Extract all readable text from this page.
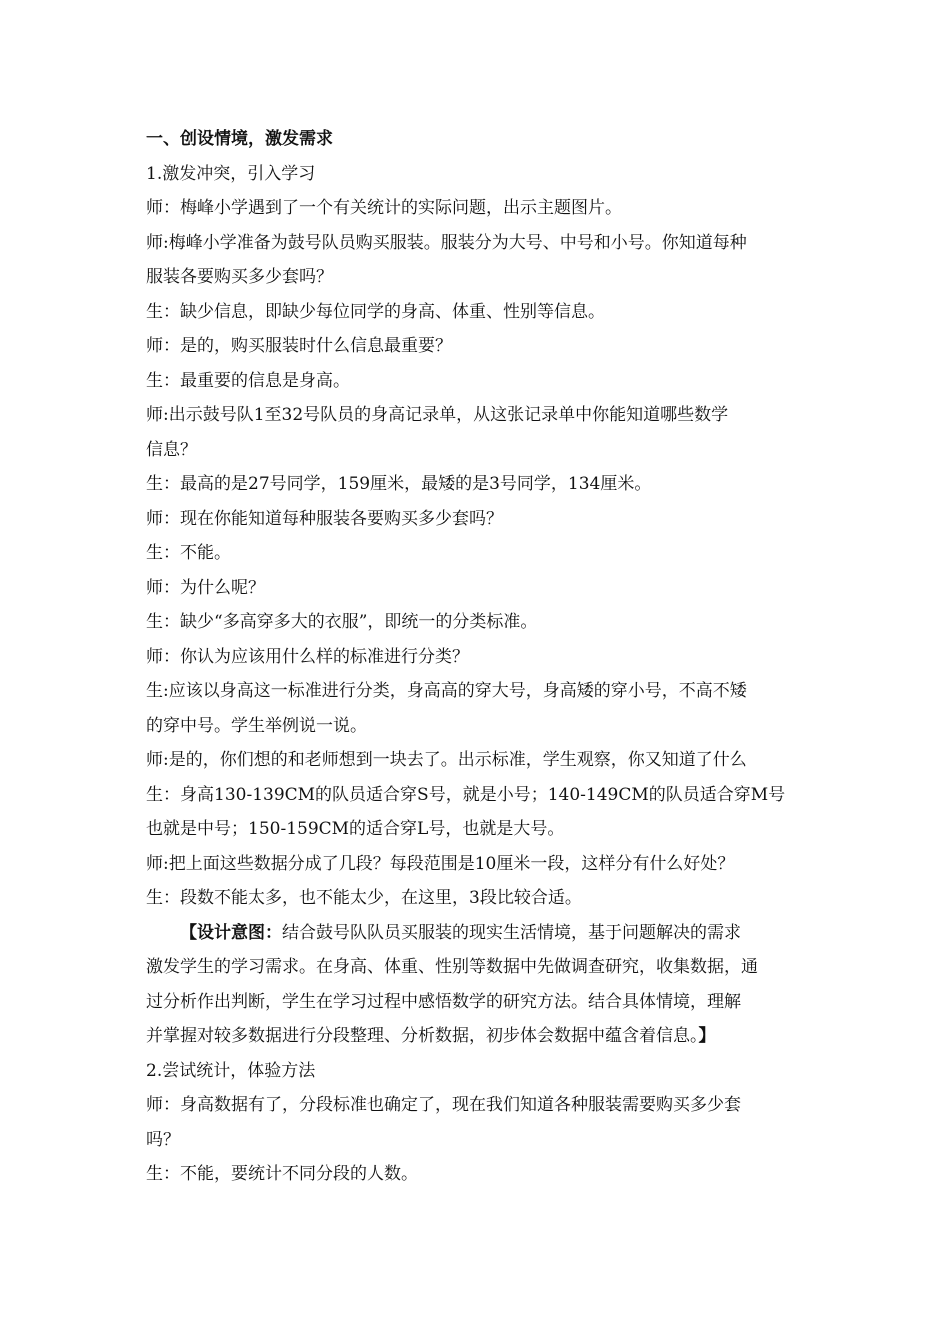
一、创设情境，激发需求
1.激发冲突，引入学习
师：梅峰小学遇到了一个有关统计的实际问题，出示主题图片。
师:梅峰小学准备为鼓号队员购买服装。服装分为大号、中号和小号。你知道每种
服装各要购买多少套吗？
生：缺少信息，即缺少每位同学的身高、体重、性别等信息。
师：是的，购买服装时什么信息最重要？
生：最重要的信息是身高。
师:出示鼓号队1至32号队员的身高记录单，从这张记录单中你能知道哪些数学
信息？
生：最高的是27号同学，159厘米，最矮的是3号同学，134厘米。
师：现在你能知道每种服装各要购买多少套吗？
生：不能。
师：为什么呢？
生：缺少“多高穿多大的衣服”，即统一的分类标准。
师：你认为应该用什么样的标准进行分类？
生:应该以身高这一标准进行分类，身高高的穿大号，身高矮的穿小号，不高不矮
的穿中号。学生举例说一说。
师:是的，你们想的和老师想到一块去了。出示标准，学生观察，你又知道了什么
生：身高130-139CM的队员适合穿S号，就是小号；140-149CM的队员适合穿M号
也就是中号；150-159CM的适合穿L号，也就是大号。
师:把上面这些数据分成了几段？每段范围是10厘米一段，这样分有什么好处？
生：段数不能太多，也不能太少，在这里，3段比较合适。
【设计意图：结合鼓号队队员买服装的现实生活情境，基于问题解决的需求
激发学生的学习需求。在身高、体重、性别等数据中先做调查研究，收集数据，通
过分析作出判断，学生在学习过程中感悟数学的研究方法。结合具体情境，理解
并掌握对较多数据进行分段整理、分析数据，初步体会数据中蕴含着信息。】
2.尝试统计，体验方法
师：身高数据有了，分段标准也确定了，现在我们知道各种服装需要购买多少套
吗？
生：不能，要统计不同分段的人数。
